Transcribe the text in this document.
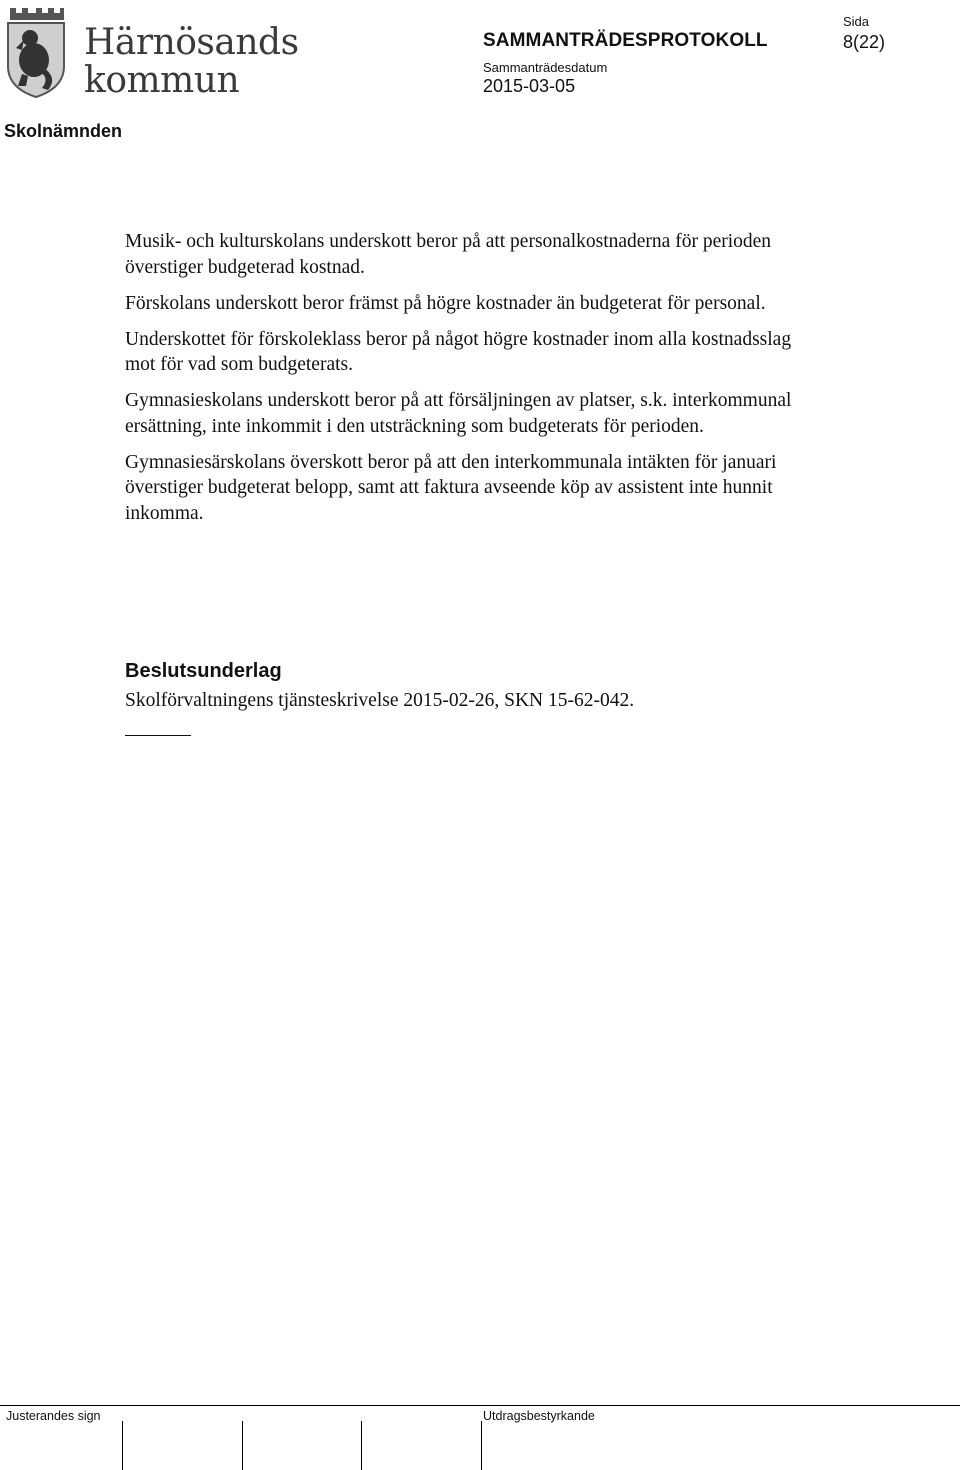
Härnösands
kommun
SAMMANTRÄDESPROTOKOLL
Sida
8(22)
Sammanträdesdatum
2015-03-05
Skolnämnden

Musik- och kulturskolans underskott beror på att personalkostnaderna för perioden överstiger budgeterad kostnad.

Förskolans underskott beror främst på högre kostnader än budgeterat för personal.

Underskottet för förskoleklass beror på något högre kostnader inom alla kostnadsslag mot för vad som budgeterats.

Gymnasieskolans underskott beror på att försäljningen av platser, s.k. interkommunal ersättning, inte inkommit i den utsträckning som budgeterats för perioden.

Gymnasiesärskolans överskott beror på att den interkommunala intäkten för januari överstiger budgeterat belopp, samt att faktura avseende köp av assistent inte hunnit inkomma.

Beslutsunderlag
Skolförvaltningens tjänsteskrivelse 2015-02-26, SKN 15-62-042.
Justerandes sign	Utdragsbestyrkande
